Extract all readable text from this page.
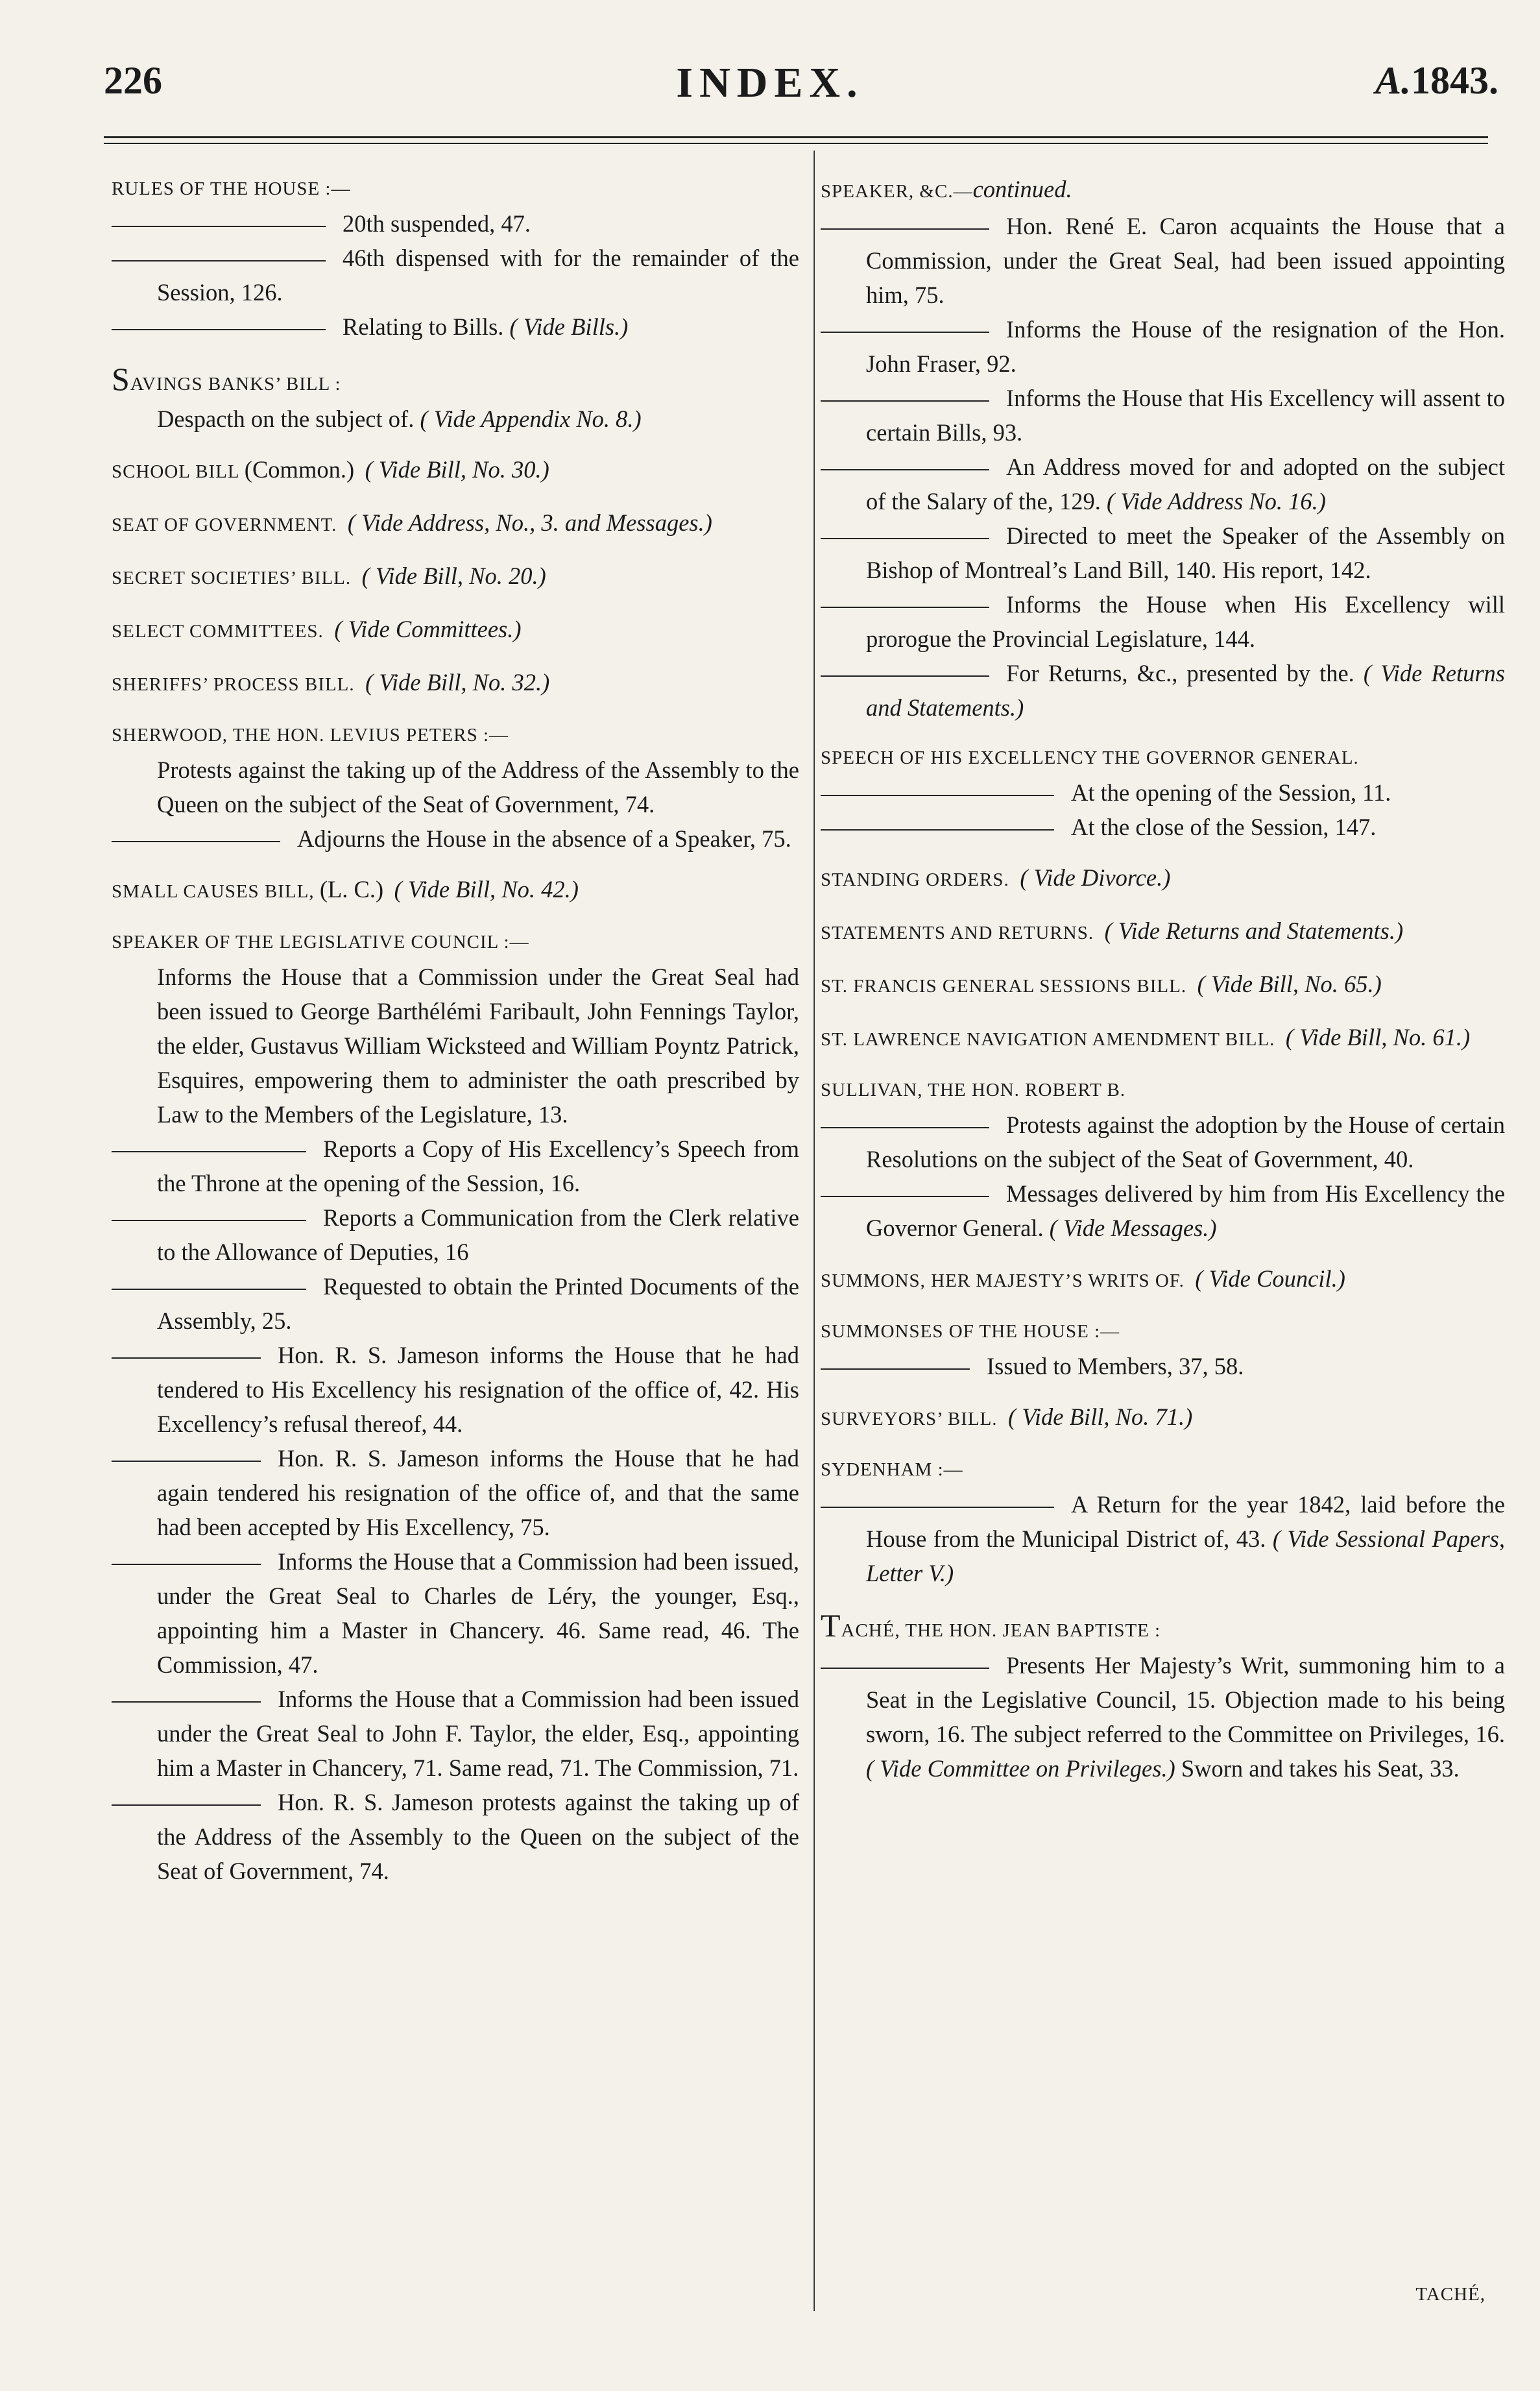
226	INDEX.	A.1843.
RULES OF THE HOUSE :—
20th suspended, 47.
46th dispensed with for the remainder of the Session, 126.
Relating to Bills. ( Vide Bills.)
SAVINGS BANKS’ BILL :
Despacth on the subject of. ( Vide Appendix No. 8.)
SCHOOL BILL (Common.) ( Vide Bill, No. 30.)
SEAT OF GOVERNMENT. ( Vide Address, No., 3. and Messages.)
SECRET SOCIETIES’ BILL. ( Vide Bill, No. 20.)
SELECT COMMITTEES. ( Vide Committees.)
SHERIFFS’ PROCESS BILL. ( Vide Bill, No. 32.)
SHERWOOD, THE HON. LEVIUS PETERS :—
Protests against the taking up of the Address of the Assembly to the Queen on the subject of the Seat of Government, 74.
Adjourns the House in the absence of a Speaker, 75.
SMALL CAUSES BILL, (L. C.) ( Vide Bill, No. 42.)
SPEAKER OF THE LEGISLATIVE COUNCIL :—
Informs the House that a Commission under the Great Seal had been issued to George Barthélémi Faribault, John Fennings Taylor, the elder, Gustavus William Wicksteed and William Poyntz Patrick, Esquires, empowering them to administer the oath prescribed by Law to the Members of the Legislature, 13.
Reports a Copy of His Excellency’s Speech from the Throne at the opening of the Session, 16.
Reports a Communication from the Clerk relative to the Allowance of Deputies, 16
Requested to obtain the Printed Documents of the Assembly, 25.
Hon. R. S. Jameson informs the House that he had tendered to His Excellency his resignation of the office of, 42. His Excellency’s refusal thereof, 44.
Hon. R. S. Jameson informs the House that he had again tendered his resignation of the office of, and that the same had been accepted by His Excellency, 75.
Informs the House that a Commission had been issued, under the Great Seal to Charles de Léry, the younger, Esq., appointing him a Master in Chancery. 46. Same read, 46. The Commission, 47.
Informs the House that a Commission had been issued under the Great Seal to John F. Taylor, the elder, Esq., appointing him a Master in Chancery, 71. Same read, 71. The Commission, 71.
Hon. R. S. Jameson protests against the taking up of the Address of the Assembly to the Queen on the subject of the Seat of Government, 74.
SPEAKER, &C.—continued.
Hon. René E. Caron acquaints the House that a Commission, under the Great Seal, had been issued appointing him, 75.
Informs the House of the resignation of the Hon. John Fraser, 92.
Informs the House that His Excellency will assent to certain Bills, 93.
An Address moved for and adopted on the subject of the Salary of the, 129. ( Vide Address No. 16.)
Directed to meet the Speaker of the Assembly on Bishop of Montreal’s Land Bill, 140. His report, 142.
Informs the House when His Excellency will prorogue the Provincial Legislature, 144.
For Returns, &c., presented by the. ( Vide Returns and Statements.)
SPEECH OF HIS EXCELLENCY THE GOVERNOR GENERAL.
At the opening of the Session, 11.
At the close of the Session, 147.
STANDING ORDERS. ( Vide Divorce.)
STATEMENTS AND RETURNS. ( Vide Returns and Statements.)
ST. FRANCIS GENERAL SESSIONS BILL. ( Vide Bill, No. 65.)
ST. LAWRENCE NAVIGATION AMENDMENT BILL. ( Vide Bill, No. 61.)
SULLIVAN, THE HON. ROBERT B.
Protests against the adoption by the House of certain Resolutions on the subject of the Seat of Government, 40.
Messages delivered by him from His Excellency the Governor General. ( Vide Messages.)
SUMMONS, HER MAJESTY’S WRITS OF. ( Vide Council.)
SUMMONSES OF THE HOUSE :—
Issued to Members, 37, 58.
SURVEYORS’ BILL. ( Vide Bill, No. 71.)
SYDENHAM :—
A Return for the year 1842, laid before the House from the Municipal District of, 43. ( Vide Sessional Papers, Letter V.)
TACHÉ, THE HON. JEAN BAPTISTE :
Presents Her Majesty’s Writ, summoning him to a Seat in the Legislative Council, 15. Objection made to his being sworn, 16. The subject referred to the Committee on Privileges, 16. ( Vide Committee on Privileges.) Sworn and takes his Seat, 33.
TACHÉ,
